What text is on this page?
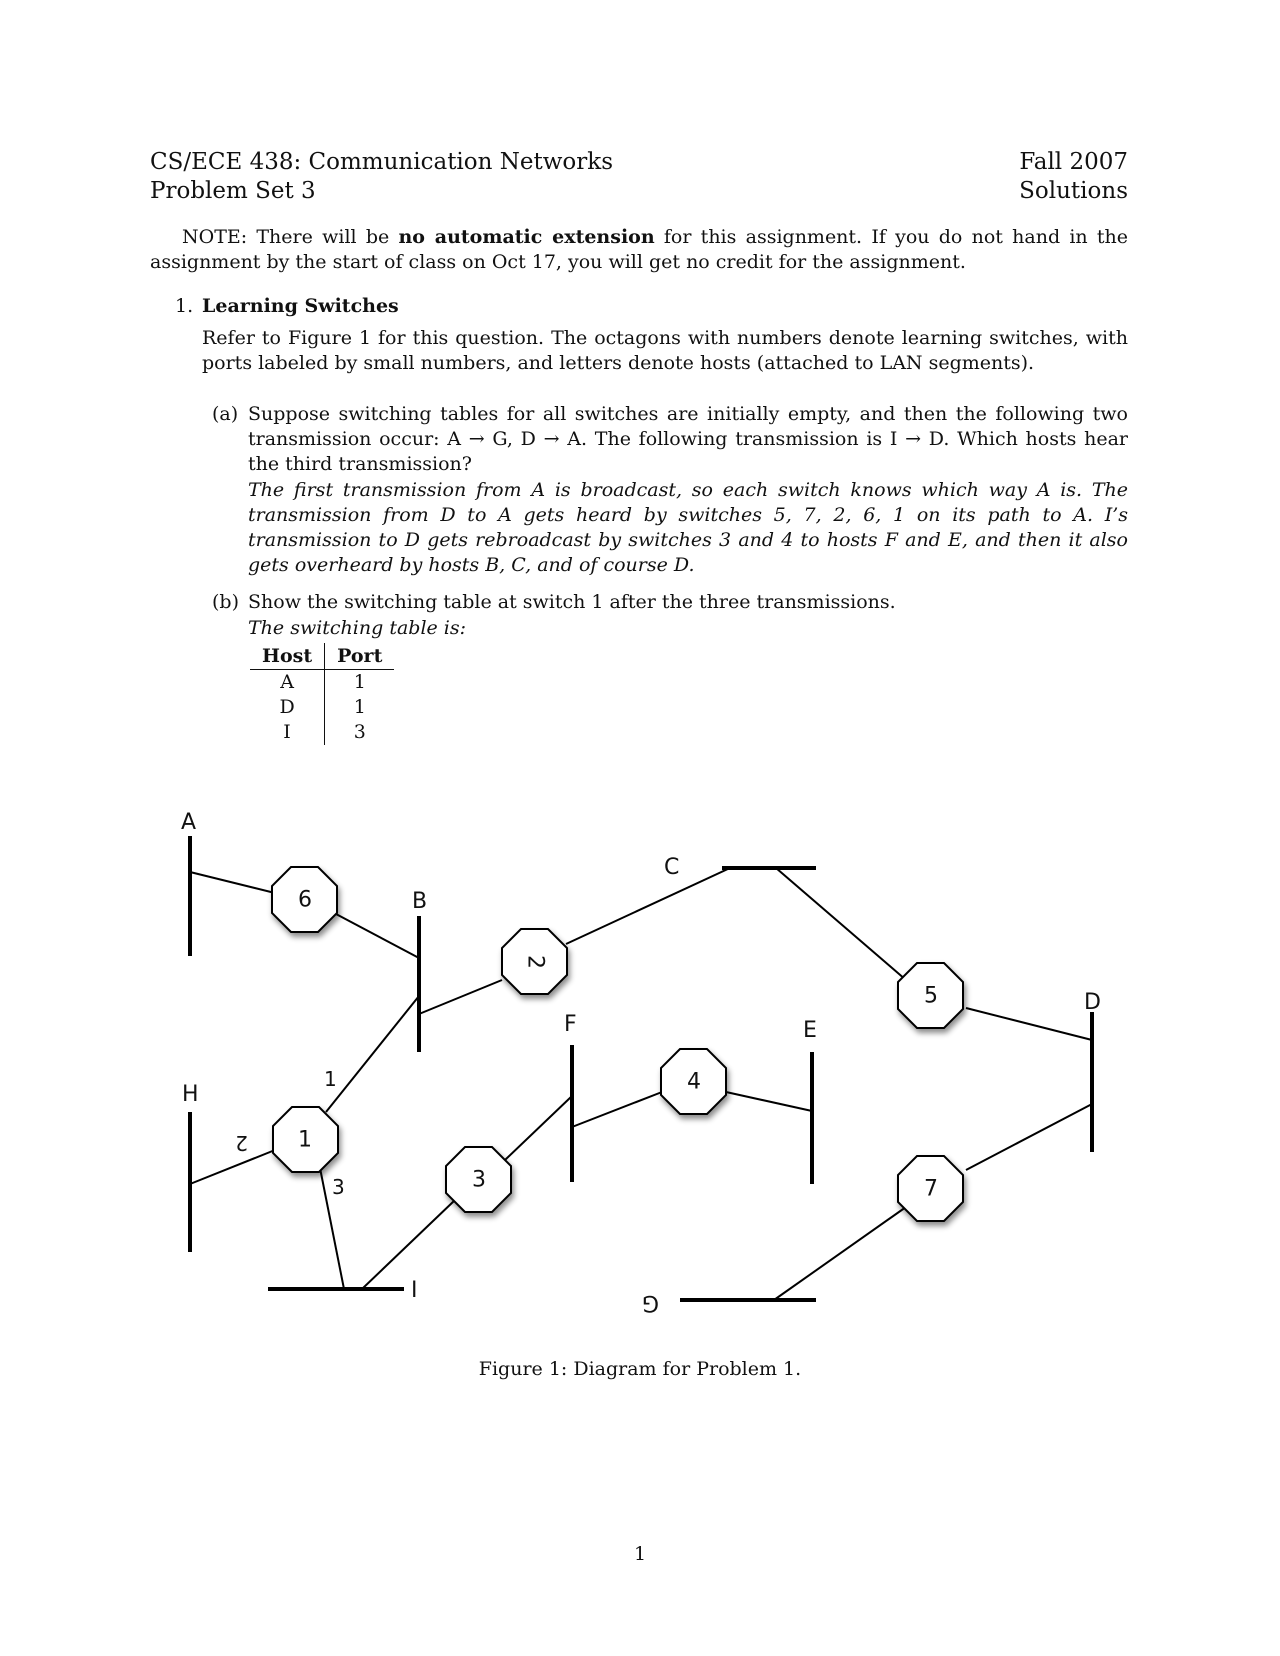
CS/ECE 438: Communication Networks
Problem Set 3
Fall 2007
Solutions
NOTE: There will be no automatic extension for this assignment. If you do not hand in the assignment by the start of class on Oct 17, you will get no credit for the assignment.
1. Learning Switches
Refer to Figure 1 for this question. The octagons with numbers denote learning switches, with ports labeled by small numbers, and letters denote hosts (attached to LAN segments).
(a) Suppose switching tables for all switches are initially empty, and then the following two transmission occur: A → G, D → A. The following transmission is I → D. Which hosts hear the third transmission?
The first transmission from A is broadcast, so each switch knows which way A is. The transmission from D to A gets heard by switches 5, 7, 2, 6, 1 on its path to A. I’s transmission to D gets rebroadcast by switches 3 and 4 to hosts F and E, and then it also gets overheard by hosts B, C, and of course D.
(b) Show the switching table at switch 1 after the three transmissions.
The switching table is:
Host	Port
A	1
D	1
I	3
6
2
5
4
1
3	7
A
B
C
D
E
F
G
H
I
1
2
3
Figure 1: Diagram for Problem 1.
1
